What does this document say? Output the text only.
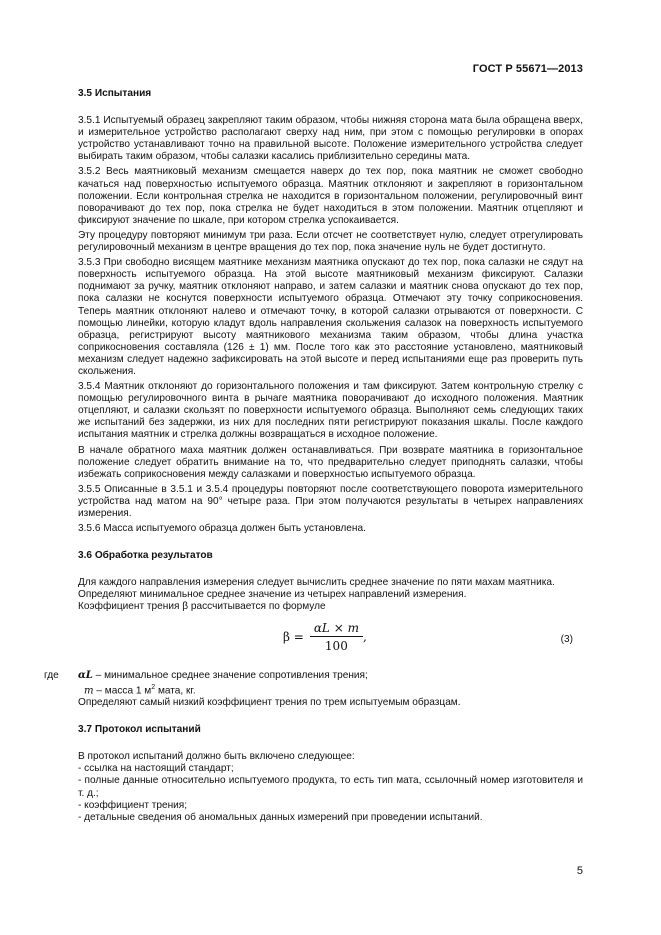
ГОСТ Р 55671—2013
3.5 Испытания

3.5.1 Испытуемый образец закрепляют таким образом, чтобы нижняя сторона мата была обращена вверх, и измерительное устройство располагают сверху над ним, при этом с помощью регулировки в опорах устройство устанавливают точно на правильной высоте. Положение измерительного устройства следует выбирать таким образом, чтобы салазки касались приблизительно середины мата.

3.5.2 Весь маятниковый механизм смещается наверх до тех пор, пока маятник не сможет свободно качаться над поверхностью испытуемого образца. Маятник отклоняют и закрепляют в горизонтальном положении. Если контрольная стрелка не находится в горизонтальном положении, регулировочный винт поворачивают до тех пор, пока стрелка не будет находиться в этом положении. Маятник отцепляют и фиксируют значение по шкале, при котором стрелка успокаивается.

Эту процедуру повторяют минимум три раза. Если отсчет не соответствует нулю, следует отрегулировать регулировочный механизм в центре вращения до тех пор, пока значение нуль не будет достигнуто.

3.5.3 При свободно висящем маятнике механизм маятника опускают до тех пор, пока салазки не сядут на поверхность испытуемого образца. На этой высоте маятниковый механизм фиксируют. Салазки поднимают за ручку, маятник отклоняют направо, и затем салазки и маятник снова опускают до тех пор, пока салазки не коснутся поверхности испытуемого образца. Отмечают эту точку соприкосновения. Теперь маятник отклоняют налево и отмечают точку, в которой салазки отрываются от поверхности. С помощью линейки, которую кладут вдоль направления скольжения салазок на поверхность испытуемого образца, регистрируют высоту маятникового механизма таким образом, чтобы длина участка соприкосновения составляла (126 ± 1) мм. После того как это расстояние установлено, маятниковый механизм следует надежно зафиксировать на этой высоте и перед испытаниями еще раз проверить путь скольжения.

3.5.4 Маятник отклоняют до горизонтального положения и там фиксируют. Затем контрольную стрелку с помощью регулировочного винта в рычаге маятника поворачивают до исходного положения. Маятник отцепляют, и салазки скользят по поверхности испытуемого образца. Выполняют семь следующих таких же испытаний без задержки, из них для последних пяти регистрируют показания шкалы. После каждого испытания маятник и стрелка должны возвращаться в исходное положение.

В начале обратного маха маятник должен останавливаться. При возврате маятника в горизонтальное положение следует обратить внимание на то, что предварительно следует приподнять салазки, чтобы избежать соприкосновения между салазками и поверхностью испытуемого образца.

3.5.5 Описанные в 3.5.1 и 3.5.4 процедуры повторяют после соответствующего поворота измерительного устройства над матом на 90° четыре раза. При этом получаются результаты в четырех направлениях измерения.

3.5.6 Масса испытуемого образца должен быть установлена.

3.6 Обработка результатов

Для каждого направления измерения следует вычислить среднее значение по пяти махам маятника.

Определяют минимальное среднее значение из четырех направлений измерения.

Коэффициент трения β рассчитывается по формуле

$\beta = \frac{\alpha L \times m}{100}$ ,	(3)
где αL – минимальное среднее значение сопротивления трения;
m – масса 1 $м^2$ мата, кг.

Определяют самый низкий коэффициент трения по трем испытуемым образцам.

3.7 Протокол испытаний

В протокол испытаний должно быть включено следующее:

- ссылка на настоящий стандарт;

- полные данные относительно испытуемого продукта, то есть тип мата, ссылочный номер изготовителя и т. д.;

- коэффициент трения;

- детальные сведения об аномальных данных измерений при проведении испытаний.

5
